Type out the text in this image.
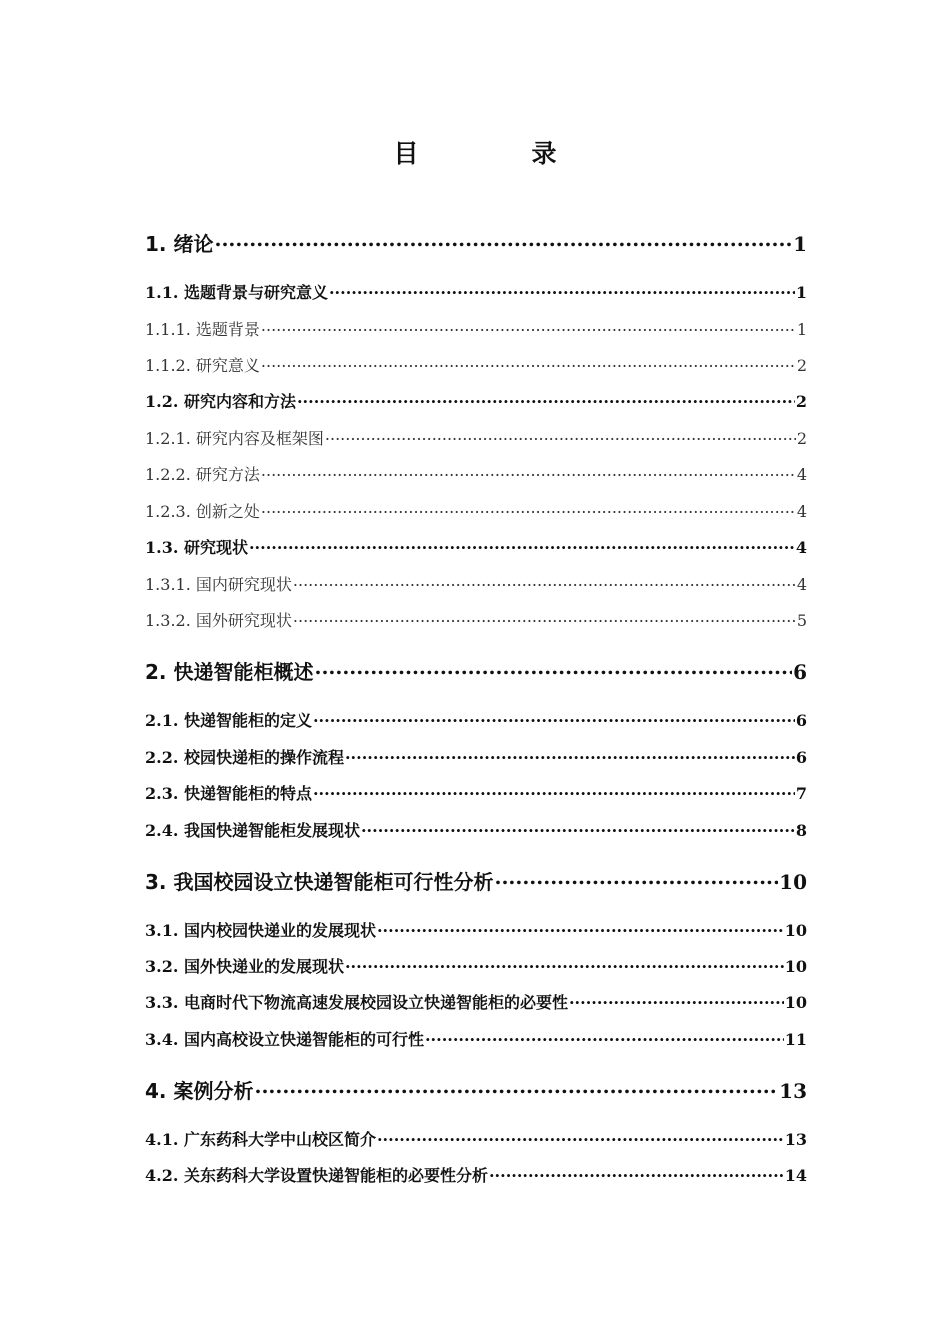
目　录
1. 绪论 .....	1
1.1. 选题背景与研究意义 .....	1
1.1.1. 选题背景 .....	1
1.1.2. 研究意义 .....	2
1.2. 研究内容和方法 .....	2
1.2.1. 研究内容及框架图 .....	2
1.2.2. 研究方法 .....	4
1.2.3. 创新之处 .....	4
1.3. 研究现状 .....	4
1.3.1. 国内研究现状 .....	4
1.3.2. 国外研究现状 .....	5
2. 快递智能柜概述 .....	6
2.1. 快递智能柜的定义 .....	6
2.2. 校园快递柜的操作流程 .....	6
2.3. 快递智能柜的特点 .....	7
2.4. 我国快递智能柜发展现状 .....	8
3. 我国校园设立快递智能柜可行性分析 .....	10
3.1. 国内校园快递业的发展现状 .....	10
3.2. 国外快递业的发展现状 .....	10
3.3. 电商时代下物流高速发展校园设立快递智能柜的必要性 .....	10
3.4. 国内高校设立快递智能柜的可行性 .....	11
4. 案例分析 .....	13
4.1. 广东药科大学中山校区简介 .....	13
4.2. 关东药科大学设置快递智能柜的必要性分析 .....	14
